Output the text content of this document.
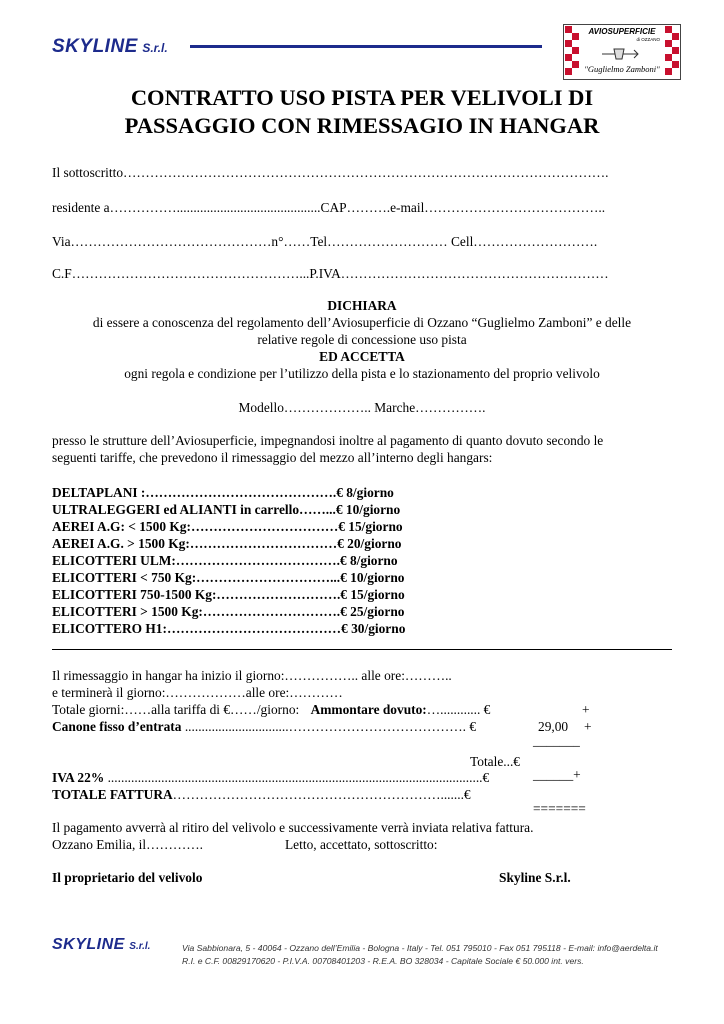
SKYLINE S.r.l.
AVIOSUPERFICIE
di OZZANO
"Guglielmo Zamboni"
CONTRATTO USO PISTA PER VELIVOLI DI
PASSAGGIO CON RIMESSAGIO IN HANGAR
Il sottoscritto……………………………………………………………………………………………….
residente a……………...........................................CAP……….e-mail…………………………………..
Via………………………………………n°……Tel……………………… Cell……………………….
C.F……………………………………………...P.IVA……………………………………………………
DICHIARA
di essere a conoscenza del regolamento dell’Aviosuperficie di Ozzano “Guglielmo Zamboni” e delle
relative regole di concessione uso pista
ED ACCETTA
ogni regola e condizione per l’utilizzo della pista e lo stazionamento del proprio velivolo
Modello……………….. Marche…………….
presso le strutture dell’Aviosuperficie, impegnandosi inoltre al pagamento di quanto dovuto secondo le
seguenti tariffe, che prevedono il rimessaggio del mezzo all’interno degli hangars:
DELTAPLANI :…………………………………….€ 8/giorno
ULTRALEGGERI ed ALIANTI in carrello……...€ 10/giorno
AEREI A.G: < 1500 Kg:……………………………€ 15/giorno
AEREI A.G. > 1500 Kg:……………………………€ 20/giorno
ELICOTTERI ULM:……………………………….€ 8/giorno
ELICOTTERI < 750 Kg:…………………………...€ 10/giorno
ELICOTTERI 750-1500 Kg:……………………….€ 15/giorno
ELICOTTERI > 1500 Kg:………………………….€ 25/giorno
ELICOTTERO H1:…………………………………€ 30/giorno
Il rimessaggio in hangar ha inizio il giorno:…………….. alle ore:………..
e terminerà il giorno:………………alle ore:…………
Totale giorni:……alla tariffa di €……/giorno: Ammontare dovuto:…............ €	+
Canone fisso d’entrata ...............................…………………………………. €	29,00 +
_______
Totale...€
IVA 22% ................................................................................................................€	______+
TOTALE FATTURA…………………………………………………….......€
=======
Il pagamento avverrà al ritiro del velivolo e successivamente verrà inviata relativa fattura.
Ozzano Emilia, il………….	Letto, accettato, sottoscritto:
Il proprietario del velivolo	Skyline S.r.l.
SKYLINE S.r.l.	Via Sabbionara, 5 - 40064 - Ozzano dell’Emilia - Bologna - Italy - Tel. 051 795010 - Fax 051 795118 - E-mail: info@aerdelta.it
R.I. e C.F. 00829170620 - P.I.V.A. 00708401203 - R.E.A. BO 328034 - Capitale Sociale € 50.000 int. vers.
